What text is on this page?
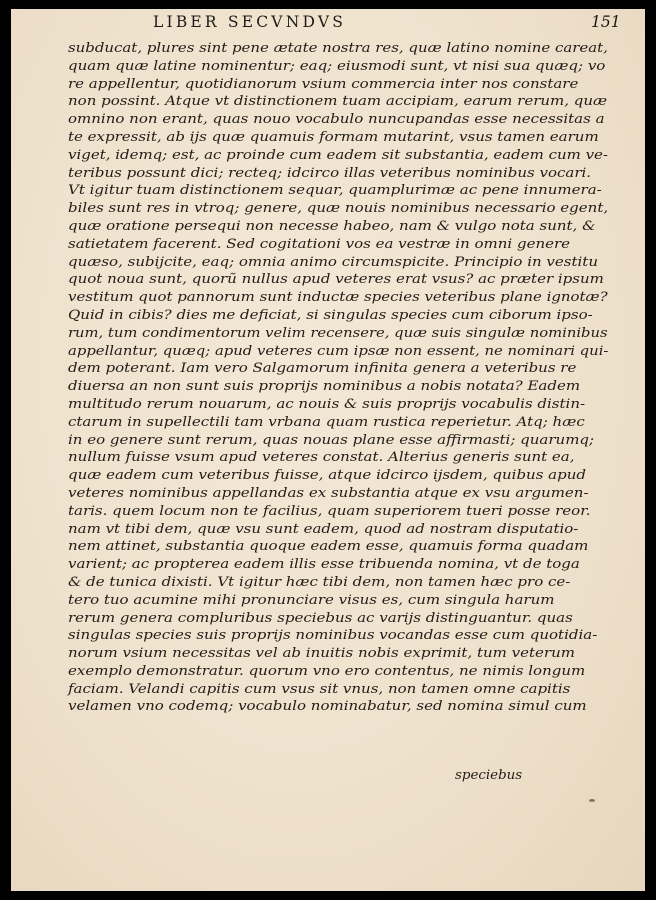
LIBER SECVNDVS	151
subducat, plures sint pene ætate nostra res, quæ latino nomine careat,
quam quæ latine nominentur; eaq; eiusmodi sunt, vt nisi sua quæq; vo
re appellentur, quotidianorum vsium commercia inter nos constare
non possint. Atque vt distinctionem tuam accipiam, earum rerum, quæ
omnino non erant, quas nouo vocabulo nuncupandas esse necessitas a
te expressit, ab ijs quæ quamuis formam mutarint, vsus tamen earum
viget, idemq; est, ac proinde cum eadem sit substantia, eadem cum ve-
teribus possunt dici; recteq; idcirco illas veteribus nominibus vocari.
Vt igitur tuam distinctionem sequar, quamplurimæ ac pene innumera-
biles sunt res in vtroq; genere, quæ nouis nominibus necessario egent,
quæ oratione persequi non necesse habeo, nam & vulgo nota sunt, &
satietatem facerent. Sed cogitationi vos ea vestræ in omni genere
quæso, subijcite, eaq; omnia animo circumspicite. Principio in vestitu
quot noua sunt, quorũ nullus apud veteres erat vsus? ac præter ipsum
vestitum quot pannorum sunt inductæ species veteribus plane ignotæ?
Quid in cibis? dies me deficiat, si singulas species cum ciborum ipso-
rum, tum condimentorum velim recensere, quæ suis singulæ nominibus
appellantur, quæq; apud veteres cum ipsæ non essent, ne nominari qui-
dem poterant. Iam vero Salgamorum infinita genera a veteribus re
diuersa an non sunt suis proprijs nominibus a nobis notata? Eadem
multitudo rerum nouarum, ac nouis & suis proprijs vocabulis distin-
ctarum in supellectili tam vrbana quam rustica reperietur. Atq; hæc
in eo genere sunt rerum, quas nouas plane esse affirmasti; quarumq;
nullum fuisse vsum apud veteres constat. Alterius generis sunt ea,
quæ eadem cum veteribus fuisse, atque idcirco ijsdem, quibus apud
veteres nominibus appellandas ex substantia atque ex vsu argumen-
taris. quem locum non te facilius, quam superiorem tueri posse reor.
nam vt tibi dem, quæ vsu sunt eadem, quod ad nostram disputatio-
nem attinet, substantia quoque eadem esse, quamuis forma quadam
varient; ac propterea eadem illis esse tribuenda nomina, vt de toga
& de tunica dixisti. Vt igitur hæc tibi dem, non tamen hæc pro ce-
tero tuo acumine mihi pronunciare visus es, cum singula harum
rerum genera compluribus speciebus ac varijs distinguantur. quas
singulas species suis proprijs nominibus vocandas esse cum quotidia-
norum vsium necessitas vel ab inuitis nobis exprimit, tum veterum
exemplo demonstratur. quorum vno ero contentus, ne nimis longum
faciam. Velandi capitis cum vsus sit vnus, non tamen omne capitis
velamen vno codemq; vocabulo nominabatur, sed nomina simul cum
speciebus
